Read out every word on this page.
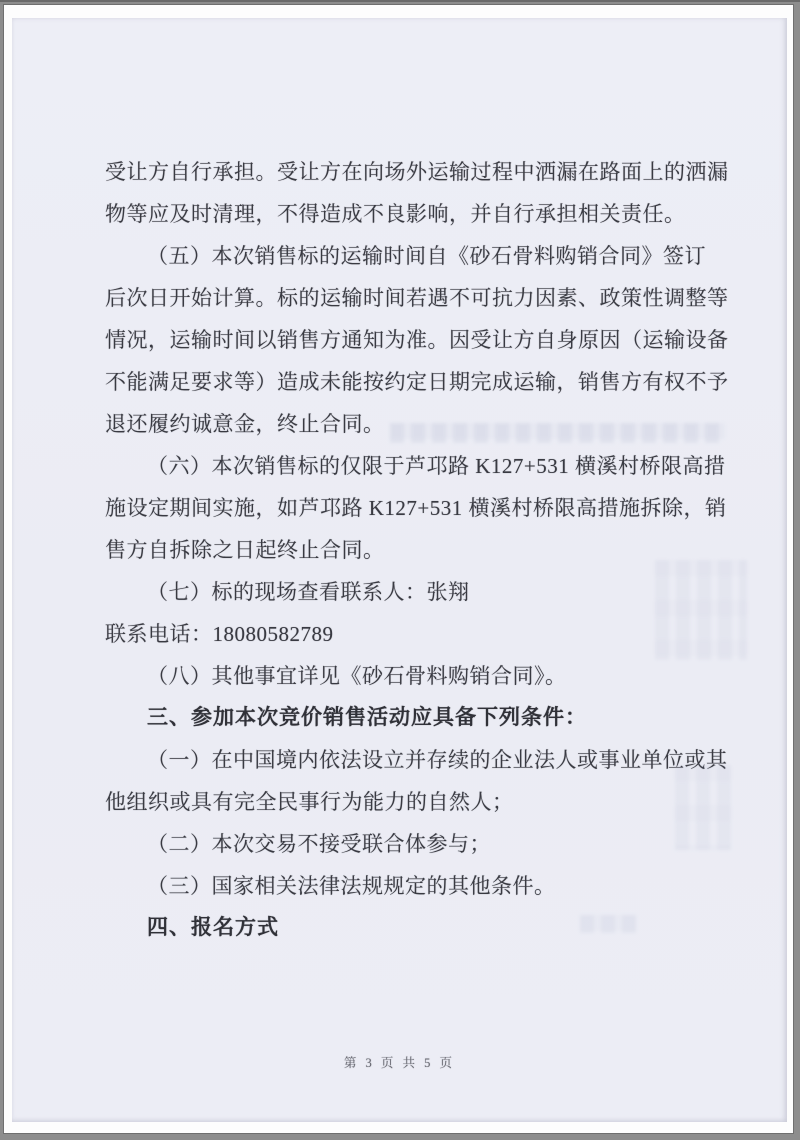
受让方自行承担。受让方在向场外运输过程中洒漏在路面上的洒漏
物等应及时清理，不得造成不良影响，并自行承担相关责任。
（五）本次销售标的运输时间自《砂石骨料购销合同》签订
后次日开始计算。标的运输时间若遇不可抗力因素、政策性调整等
情况，运输时间以销售方通知为准。因受让方自身原因（运输设备
不能满足要求等）造成未能按约定日期完成运输，销售方有权不予
退还履约诚意金，终止合同。
（六）本次销售标的仅限于芦邛路 K127+531 横溪村桥限高措
施设定期间实施，如芦邛路 K127+531 横溪村桥限高措施拆除，销
售方自拆除之日起终止合同。
（七）标的现场查看联系人：张翔
联系电话：18080582789
（八）其他事宜详见《砂石骨料购销合同》。
三、参加本次竞价销售活动应具备下列条件：
（一）在中国境内依法设立并存续的企业法人或事业单位或其
他组织或具有完全民事行为能力的自然人；
（二）本次交易不接受联合体参与；
（三）国家相关法律法规规定的其他条件。
四、报名方式
第 3 页 共 5 页
